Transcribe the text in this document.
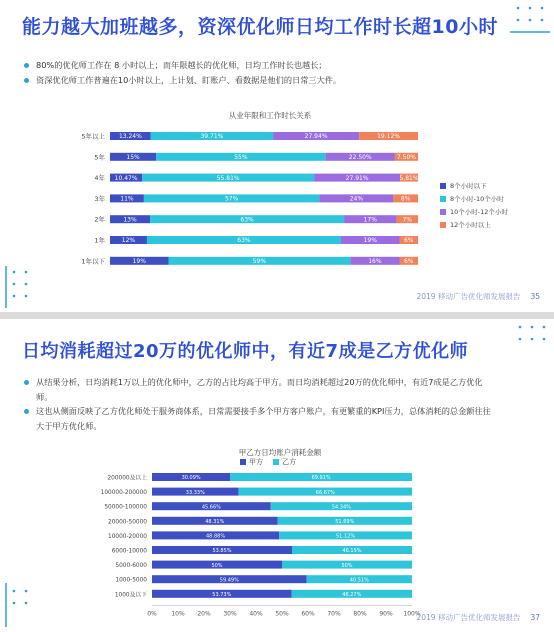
能力越大加班越多，资深优化师日均工作时长超10小时
80%的优化师工作在 8 小时以上；而年限越长的优化师，日均工作时长也越长；
资深优化师工作普遍在10小时以上，上计划、盯账户、看数据是他们的日常三大件。
从业年限和工作时长关系
5年以上 13.24%	39.71%	27.94%	19.12%
5年	15%	55%	22.50%	7.50%
4年 10.47%	55.81%	27.91%	5.81%
3年	11%	57%	24%	8%
2年	13%	63%	17%	7%
1年	12%	63%	19%	6%
1年以下	19%	59%	16%	6%
8个小时以下
8个小时-10个小时
10个小时-12个小时
12个小时以上
2019 移动广告优化师发展报告 35
日均消耗超过20万的优化师中，有近7成是乙方优化师
从结果分析，日均消耗1万以上的优化师中，乙方的占比均高于甲方。而日均消耗超过20万的优化师中，有近7成是乙方优化师。
这也从侧面反映了乙方优化师处于服务商体系，日常需要接手多个甲方客户账户，有更繁重的KPI压力，总体消耗的总金额往往大于甲方优化师。
甲乙方日均账户消耗金额
甲方	乙方
200000及以上	30.09%	69.91%
100000-200000	33.33%	66.67%
50000-100000	45.66%	54.34%
20000-50000	48.31%	51.69%
10000-20000	48.88%	51.12%
6000-10000	53.85%	46.15%
5000-6000	50%	50%
1000-5000	59.49%	40.51%
1000及以下	53.73%	46.27%
0% 10% 20% 30% 40% 50% 60% 70% 80% 90% 100%
2019 移动广告优化师发展报告 37
